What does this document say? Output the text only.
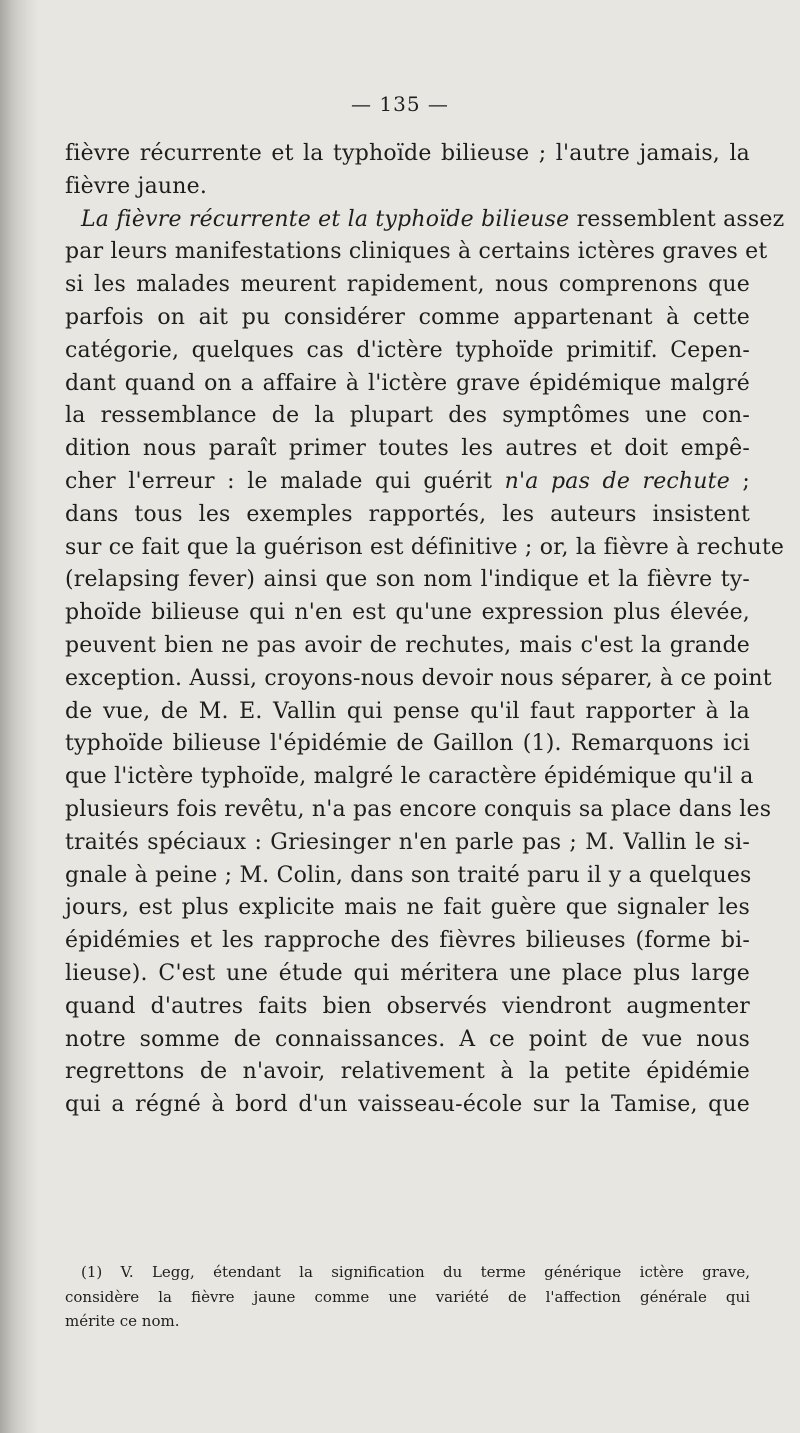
— 135 —
fièvre récurrente et la typhoïde bilieuse ; l'autre jamais, la
fièvre jaune.
La fièvre récurrente et la typhoïde bilieuse ressemblent assez
par leurs manifestations cliniques à certains ictères graves et
si les malades meurent rapidement, nous comprenons que
parfois on ait pu considérer comme appartenant à cette
catégorie, quelques cas d'ictère typhoïde primitif. Cepen-
dant quand on a affaire à l'ictère grave épidémique malgré
la ressemblance de la plupart des symptômes une con-
dition nous paraît primer toutes les autres et doit empê-
cher l'erreur : le malade qui guérit n'a pas de rechute ;
dans tous les exemples rapportés, les auteurs insistent
sur ce fait que la guérison est définitive ; or, la fièvre à rechute
(relapsing fever) ainsi que son nom l'indique et la fièvre ty-
phoïde bilieuse qui n'en est qu'une expression plus élevée,
peuvent bien ne pas avoir de rechutes, mais c'est la grande
exception. Aussi, croyons-nous devoir nous séparer, à ce point
de vue, de M. E. Vallin qui pense qu'il faut rapporter à la
typhoïde bilieuse l'épidémie de Gaillon (1). Remarquons ici
que l'ictère typhoïde, malgré le caractère épidémique qu'il a
plusieurs fois revêtu, n'a pas encore conquis sa place dans les
traités spéciaux : Griesinger n'en parle pas ; M. Vallin le si-
gnale à peine ; M. Colin, dans son traité paru il y a quelques
jours, est plus explicite mais ne fait guère que signaler les
épidémies et les rapproche des fièvres bilieuses (forme bi-
lieuse). C'est une étude qui méritera une place plus large
quand d'autres faits bien observés viendront augmenter
notre somme de connaissances. A ce point de vue nous
regrettons de n'avoir, relativement à la petite épidémie
qui a régné à bord d'un vaisseau-école sur la Tamise, que
(1) V. Legg, étendant la signification du terme générique ictère grave,
considère la fièvre jaune comme une variété de l'affection générale qui
mérite ce nom.
